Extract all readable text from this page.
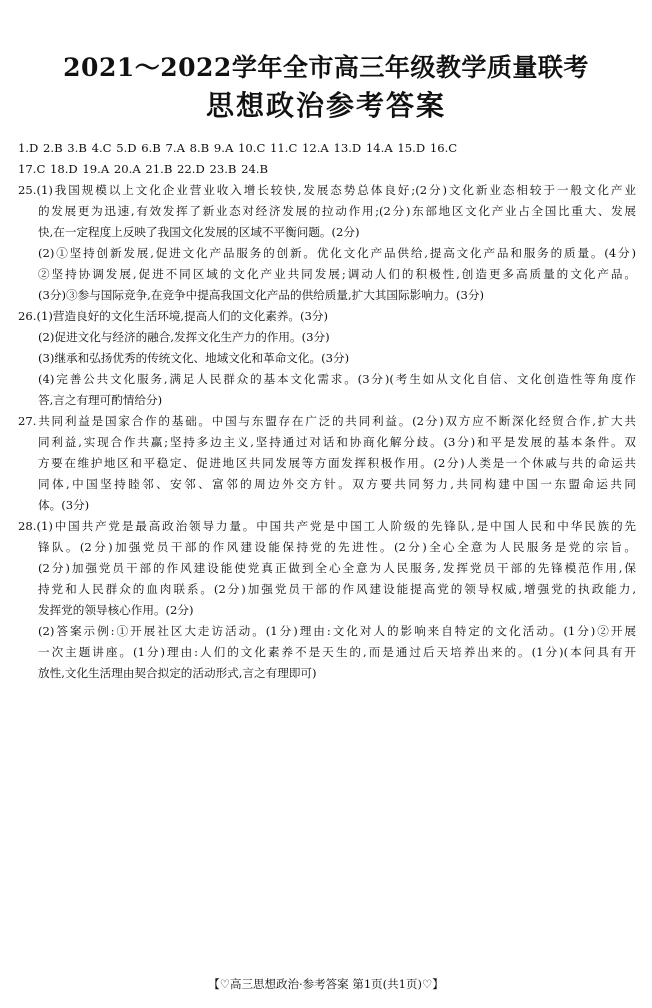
2021～2022学年全市高三年级教学质量联考
思想政治参考答案
1.D 2.B 3.B 4.C 5.D 6.B 7.A 8.B 9.A 10.C 11.C 12.A 13.D 14.A 15.D 16.C
17.C 18.D 19.A 20.A 21.B 22.D 23.B 24.B
25.(1)我国规模以上文化企业营业收入增长较快,发展态势总体良好;(2分)文化新业态相较于一般文化产业
的发展更为迅速,有效发挥了新业态对经济发展的拉动作用;(2分)东部地区文化产业占全国比重大、发展
快,在一定程度上反映了我国文化发展的区域不平衡问题。(2分)
(2)①坚持创新发展,促进文化产品服务的创新。优化文化产品供给,提高文化产品和服务的质量。(4分)
②坚持协调发展,促进不同区域的文化产业共同发展;调动人们的积极性,创造更多高质量的文化产品。
(3分)③参与国际竞争,在竞争中提高我国文化产品的供给质量,扩大其国际影响力。(3分)
26.(1)营造良好的文化生活环境,提高人们的文化素养。(3分)
(2)促进文化与经济的融合,发挥文化生产力的作用。(3分)
(3)继承和弘扬优秀的传统文化、地域文化和革命文化。(3分)
(4)完善公共文化服务,满足人民群众的基本文化需求。(3分)(考生如从文化自信、文化创造性等角度作
答,言之有理可酌情给分)
27.共同利益是国家合作的基础。中国与东盟存在广泛的共同利益。(2分)双方应不断深化经贸合作,扩大共
同利益,实现合作共赢;坚持多边主义,坚持通过对话和协商化解分歧。(3分)和平是发展的基本条件。双
方要在维护地区和平稳定、促进地区共同发展等方面发挥积极作用。(2分)人类是一个休戚与共的命运共
同体,中国坚持睦邻、安邻、富邻的周边外交方针。双方要共同努力,共同构建中国一东盟命运共同
体。(3分)
28.(1)中国共产党是最高政治领导力量。中国共产党是中国工人阶级的先锋队,是中国人民和中华民族的先
锋队。(2分)加强党员干部的作风建设能保持党的先进性。(2分)全心全意为人民服务是党的宗旨。
(2分)加强党员干部的作风建设能使党真正做到全心全意为人民服务,发挥党员干部的先锋模范作用,保
持党和人民群众的血肉联系。(2分)加强党员干部的作风建设能提高党的领导权威,增强党的执政能力,
发挥党的领导核心作用。(2分)
(2)答案示例:①开展社区大走访活动。(1分)理由:文化对人的影响来自特定的文化活动。(1分)②开展
一次主题讲座。(1分)理由:人们的文化素养不是天生的,而是通过后天培养出来的。(1分)(本问具有开
放性,文化生活理由契合拟定的活动形式,言之有理即可)
【♡高三思想政治·参考答案 第1页(共1页)♡】
